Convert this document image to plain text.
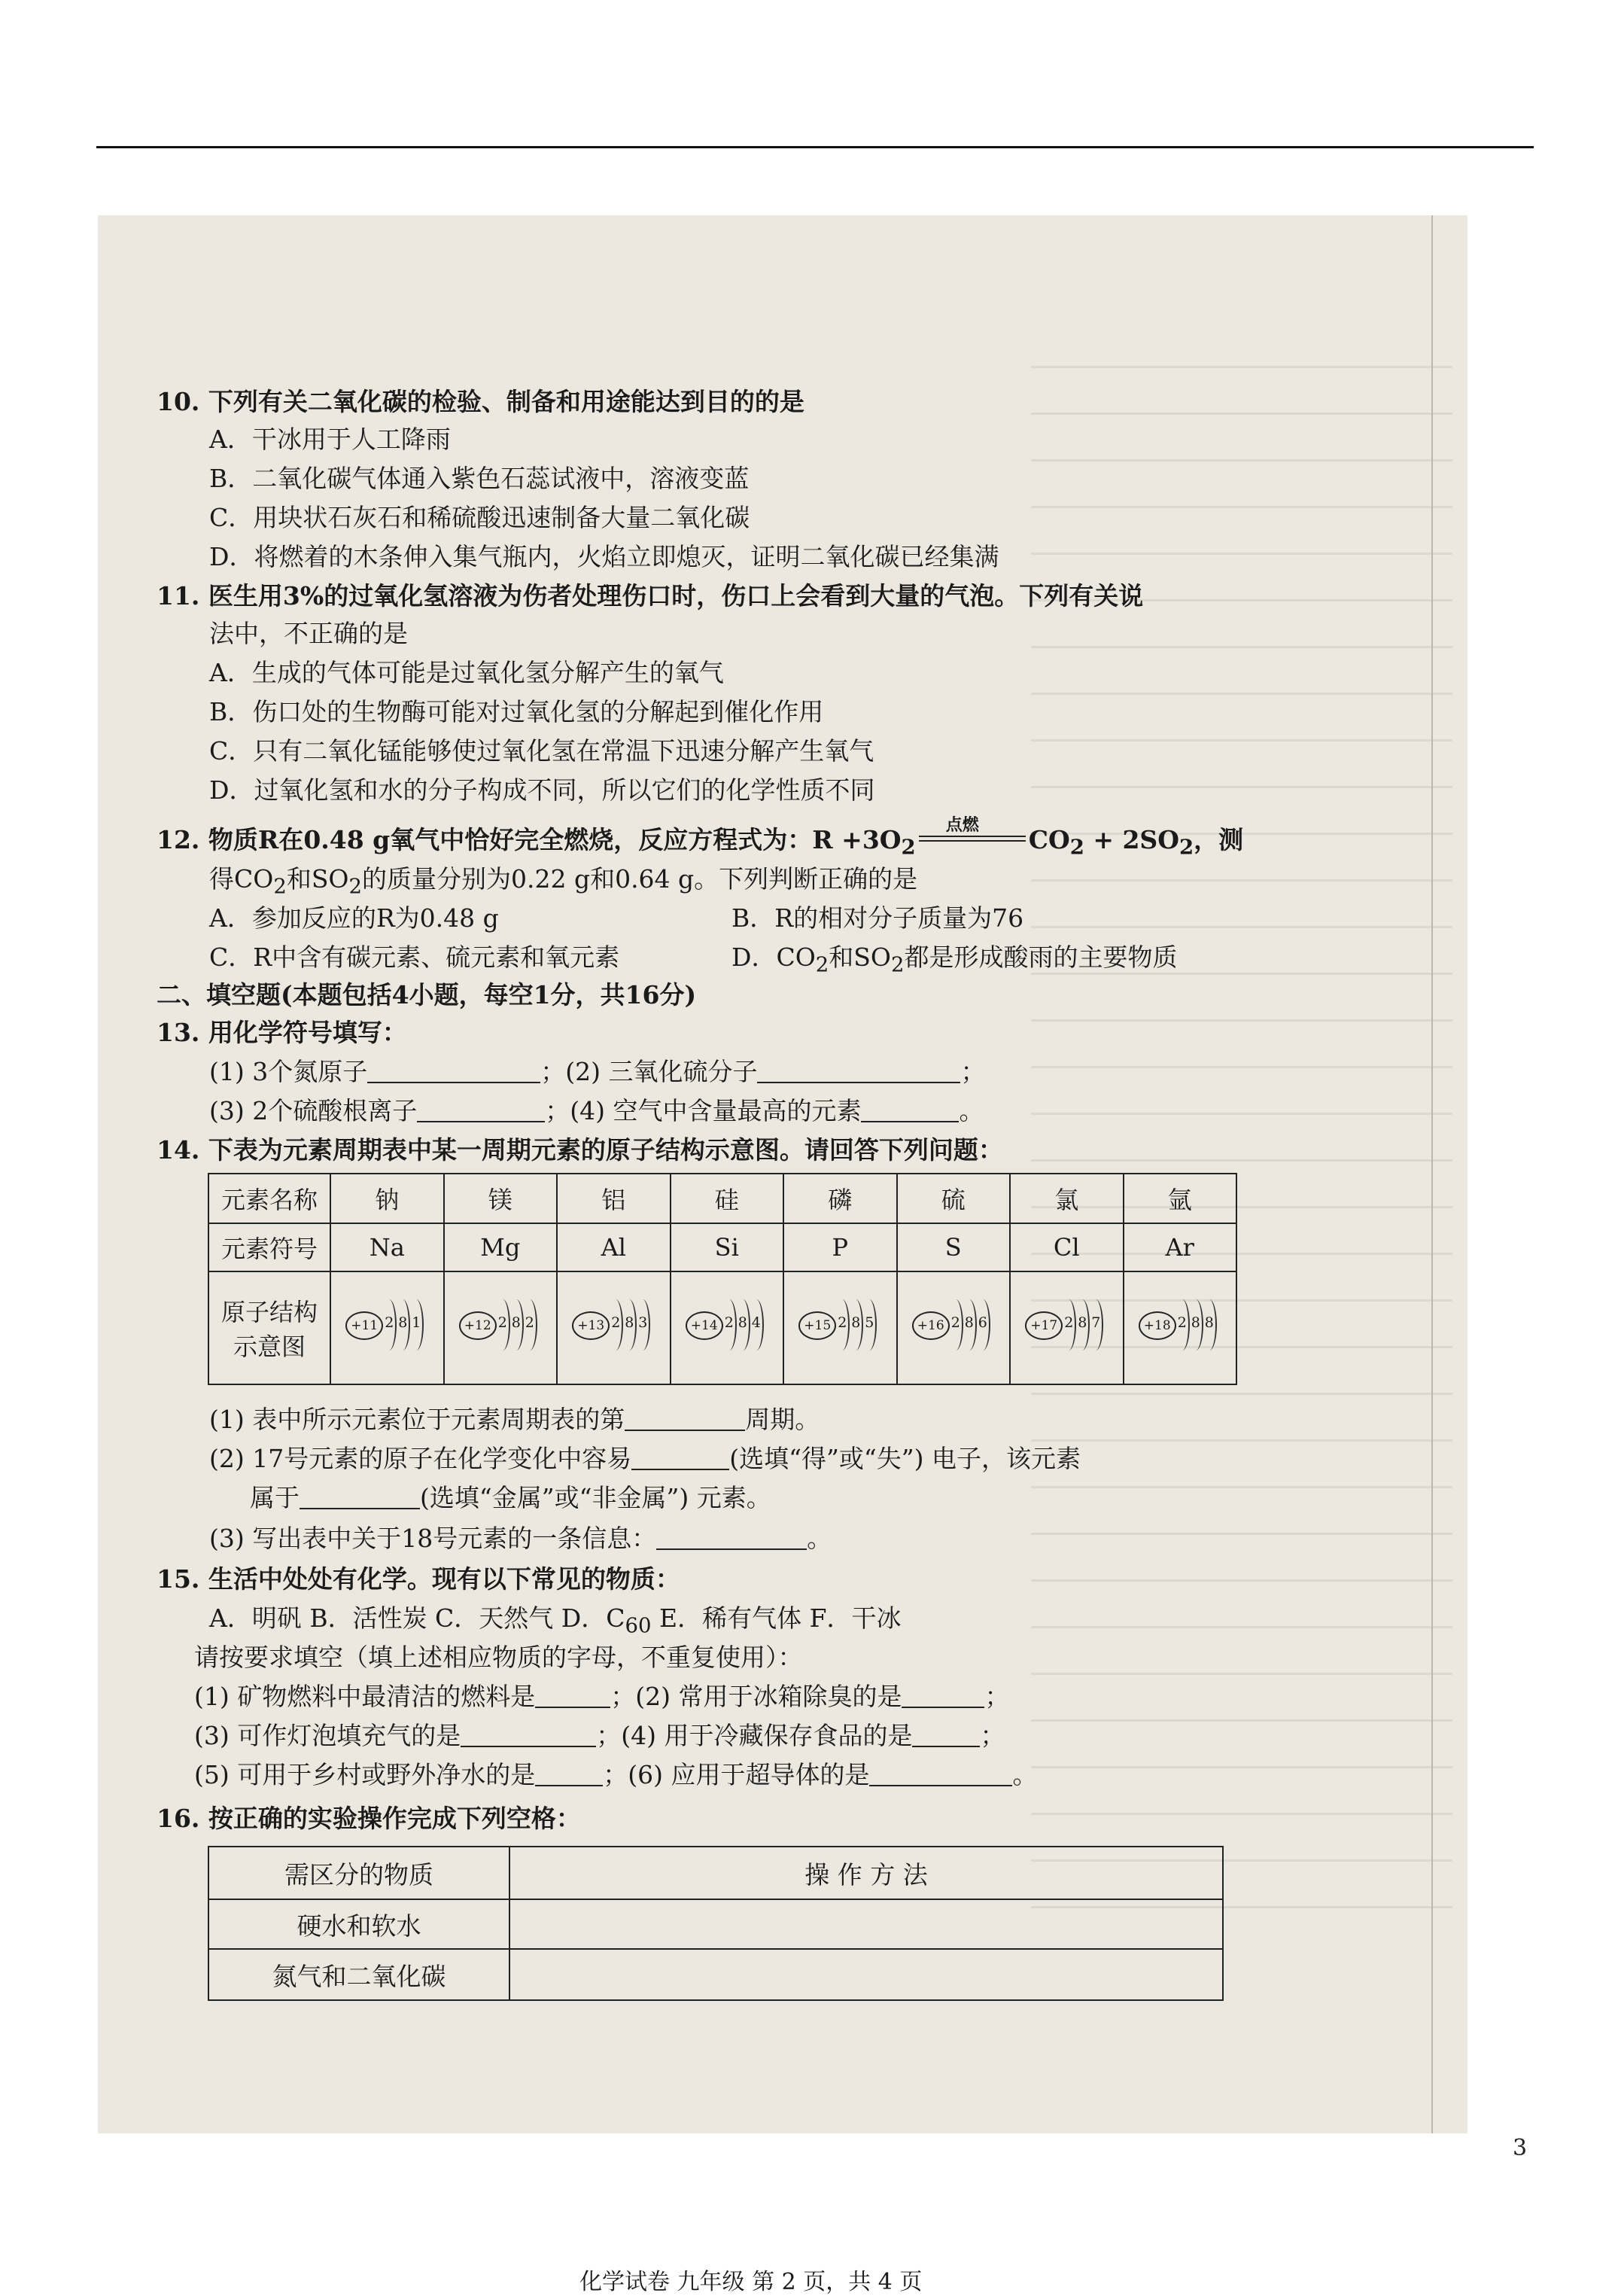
10. 下列有关二氧化碳的检验、制备和用途能达到目的的是
A．干冰用于人工降雨
B．二氧化碳气体通入紫色石蕊试液中，溶液变蓝
C．用块状石灰石和稀硫酸迅速制备大量二氧化碳
D．将燃着的木条伸入集气瓶内，火焰立即熄灭，证明二氧化碳已经集满
11. 医生用3%的过氧化氢溶液为伤者处理伤口时，伤口上会看到大量的气泡。下列有关说
法中，不正确的是
A．生成的气体可能是过氧化氢分解产生的氧气
B．伤口处的生物酶可能对过氧化氢的分解起到催化作用
C．只有二氧化锰能够使过氧化氢在常温下迅速分解产生氧气
D．过氧化氢和水的分子构成不同，所以它们的化学性质不同
12. 物质R在0.48 g氧气中恰好完全燃烧，反应方程式为：$R +3O_2$
点燃 $CO_2 + 2SO_2$，测
得$CO_2$和$SO_2$的质量分别为0.22 g和0.64 g。下列判断正确的是
A．参加反应的R为0.48 g	B．R的相对分子质量为76
C．R中含有碳元素、硫元素和氧元素	D．$CO_2$和$SO_2$都是形成酸雨的主要物质
二、填空题(本题包括4小题，每空1分，共16分)
13. 用化学符号填写：
(1) 3个氮原子	；(2) 三氧化硫分子	；
(3) 2个硫酸根离子	；(4) 空气中含量最高的元素	。
14. 下表为元素周期表中某一周期元素的原子结构示意图。请回答下列问题：
元素名称	钠	镁	铝	硅	磷	硫	氯	氩
元素符号	Na	Mg	Al	Si	P	S	Cl	Ar
原子结构
示意图	+11 2 8 1	+12 2 8 2	+13 2 8 3	+14 2 8 4	+15 2 8 5	+16 2 8 6	+17 2 8 7	+18 2 8 8
(1) 表中所示元素位于元素周期表的第	周期。
(2) 17号元素的原子在化学变化中容易	(选填“得”或“失”) 电子，该元素
属于	(选填“金属”或“非金属”) 元素。
(3) 写出表中关于18号元素的一条信息：	。
15. 生活中处处有化学。现有以下常见的物质：
A．明矾 B．活性炭 C．天然气 D．$C_{60}$ E．稀有气体 F．干冰
请按要求填空（填上述相应物质的字母，不重复使用）：
(1) 矿物燃料中最清洁的燃料是	；(2) 常用于冰箱除臭的是	；
(3) 可作灯泡填充气的是	；(4) 用于冷藏保存食品的是	；
(5) 可用于乡村或野外净水的是	；(6) 应用于超导体的是	。
16. 按正确的实验操作完成下列空格：
需区分的物质	操 作 方 法
硬水和软水	
氮气和二氧化碳	
化学试卷 九年级 第 2 页，共 4 页
3
